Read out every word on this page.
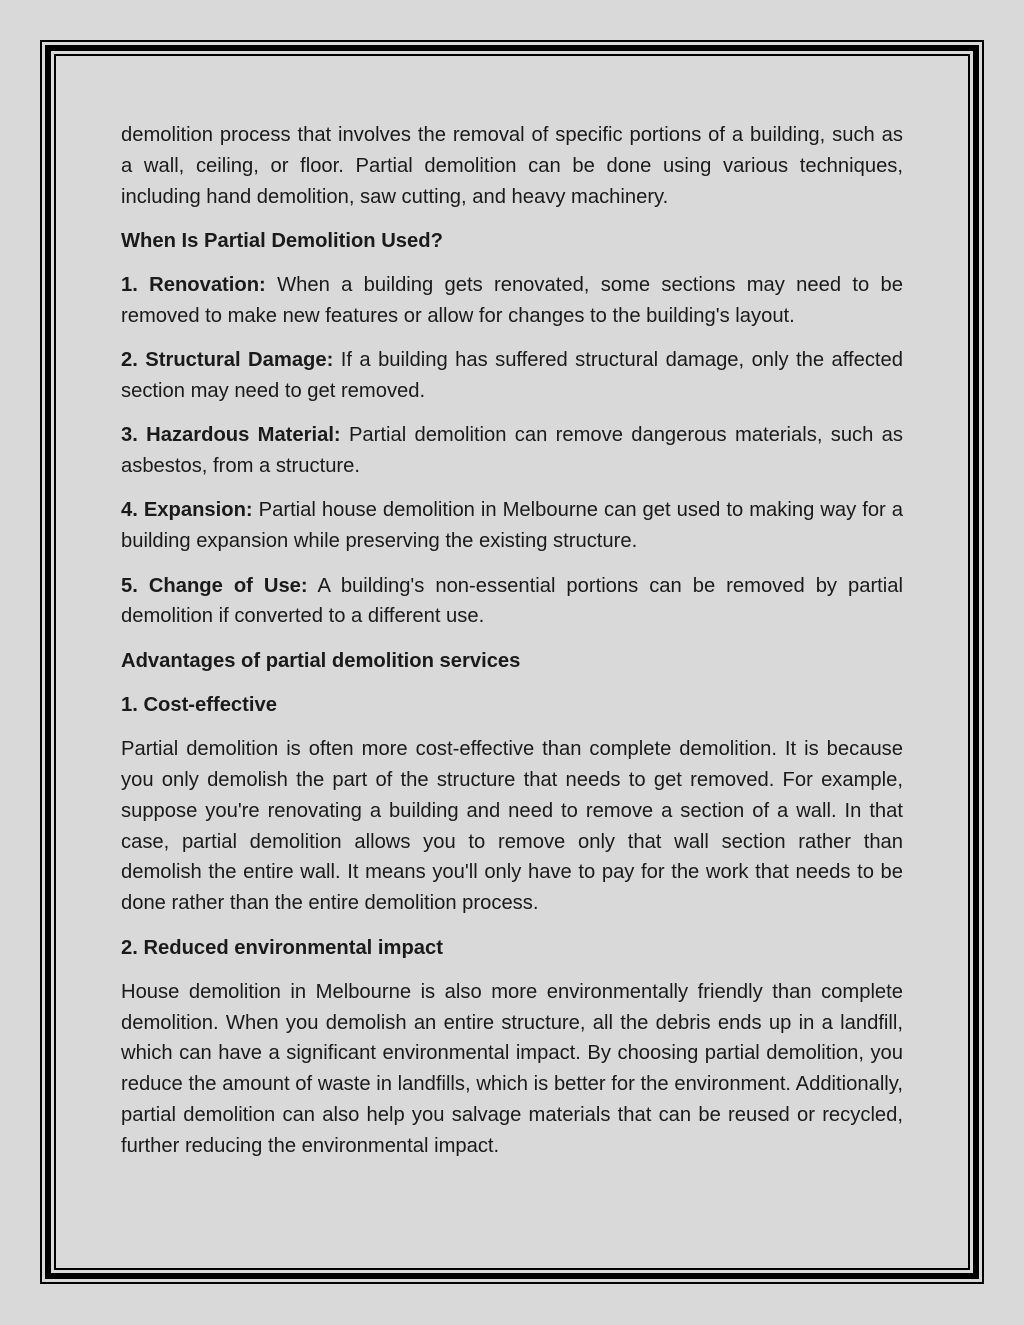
demolition process that involves the removal of specific portions of a building, such as a wall, ceiling, or floor. Partial demolition can be done using various techniques, including hand demolition, saw cutting, and heavy machinery.

When Is Partial Demolition Used?

1. Renovation: When a building gets renovated, some sections may need to be removed to make new features or allow for changes to the building's layout.

2. Structural Damage: If a building has suffered structural damage, only the affected section may need to get removed.

3. Hazardous Material: Partial demolition can remove dangerous materials, such as asbestos, from a structure.

4. Expansion: Partial house demolition in Melbourne can get used to making way for a building expansion while preserving the existing structure.

5. Change of Use: A building's non-essential portions can be removed by partial demolition if converted to a different use.

Advantages of partial demolition services

1. Cost-effective

Partial demolition is often more cost-effective than complete demolition. It is because you only demolish the part of the structure that needs to get removed. For example, suppose you're renovating a building and need to remove a section of a wall. In that case, partial demolition allows you to remove only that wall section rather than demolish the entire wall. It means you'll only have to pay for the work that needs to be done rather than the entire demolition process.

2. Reduced environmental impact

House demolition in Melbourne is also more environmentally friendly than complete demolition. When you demolish an entire structure, all the debris ends up in a landfill, which can have a significant environmental impact. By choosing partial demolition, you reduce the amount of waste in landfills, which is better for the environment. Additionally, partial demolition can also help you salvage materials that can be reused or recycled, further reducing the environmental impact.
